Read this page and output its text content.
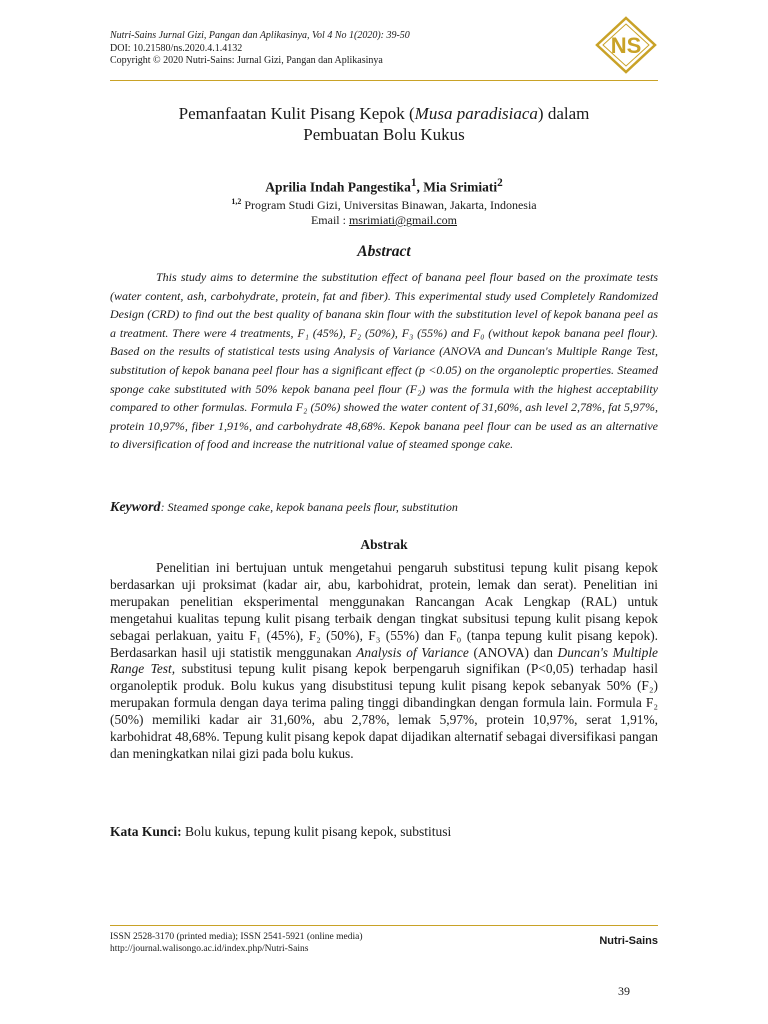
Nutri-Sains Jurnal Gizi, Pangan dan Aplikasinya, Vol 4 No 1(2020): 39-50
DOI: 10.21580/ns.2020.4.1.4132
Copyright © 2020 Nutri-Sains: Jurnal Gizi, Pangan dan Aplikasinya
NS
Pemanfaatan Kulit Pisang Kepok (Musa paradisiaca) dalam
Pembuatan Bolu Kukus
Aprilia Indah Pangestika$^1$, Mia Srimiati$^2$
$^{1,2}$ Program Studi Gizi, Universitas Binawan, Jakarta, Indonesia
Email : msrimiati@gmail.com
Abstract

This study aims to determine the substitution effect of banana peel flour based on the proximate tests (water content, ash, carbohydrate, protein, fat and fiber). This experimental study used Completely Randomized Design (CRD) to find out the best quality of banana skin flour with the substitution level of kepok banana peel as a treatment. There were 4 treatments, F₁ (45%), F₂ (50%), F₃ (55%) and F₀ (without kepok banana peel flour). Based on the results of statistical tests using Analysis of Variance (ANOVA and Duncan's Multiple Range Test, substitution of kepok banana peel flour has a significant effect (p <0.05) on the organoleptic properties. Steamed sponge cake substituted with 50% kepok banana peel flour (F₂) was the formula with the highest acceptability compared to other formulas. Formula F₂ (50%) showed the water content of 31,60%, ash level 2,78%, fat 5,97%, protein 10,97%, fiber 1,91%, and carbohydrate 48,68%. Kepok banana peel flour can be used as an alternative to diversification of food and increase the nutritional value of steamed sponge cake.

Keyword: Steamed sponge cake, kepok banana peels flour, substitution
Abstrak

Penelitian ini bertujuan untuk mengetahui pengaruh substitusi tepung kulit pisang kepok berdasarkan uji proksimat (kadar air, abu, karbohidrat, protein, lemak dan serat). Penelitian ini merupakan penelitian eksperimental menggunakan Rancangan Acak Lengkap (RAL) untuk mengetahui kualitas tepung kulit pisang terbaik dengan tingkat subsitusi tepung kulit pisang kepok sebagai perlakuan, yaitu F₁ (45%), F₂ (50%), F₃ (55%) dan F₀ (tanpa tepung kulit pisang kepok). Berdasarkan hasil uji statistik menggunakan Analysis of Variance (ANOVA) dan Duncan's Multiple Range Test, substitusi tepung kulit pisang kepok berpengaruh signifikan (P<0,05) terhadap hasil organoleptik produk. Bolu kukus yang disubstitusi tepung kulit pisang kepok sebanyak 50% (F₂) merupakan formula dengan daya terima paling tinggi dibandingkan dengan formula lain. Formula F₂ (50%) memiliki kadar air 31,60%, abu 2,78%, lemak 5,97%, protein 10,97%, serat 1,91%, karbohidrat 48,68%. Tepung kulit pisang kepok dapat dijadikan alternatif sebagai diversifikasi pangan dan meningkatkan nilai gizi pada bolu kukus.

Kata Kunci: Bolu kukus, tepung kulit pisang kepok, substitusi
ISSN 2528-3170 (printed media); ISSN 2541-5921 (online media)
http://journal.walisongo.ac.id/index.php/Nutri-Sains
Nutri-Sains
39
